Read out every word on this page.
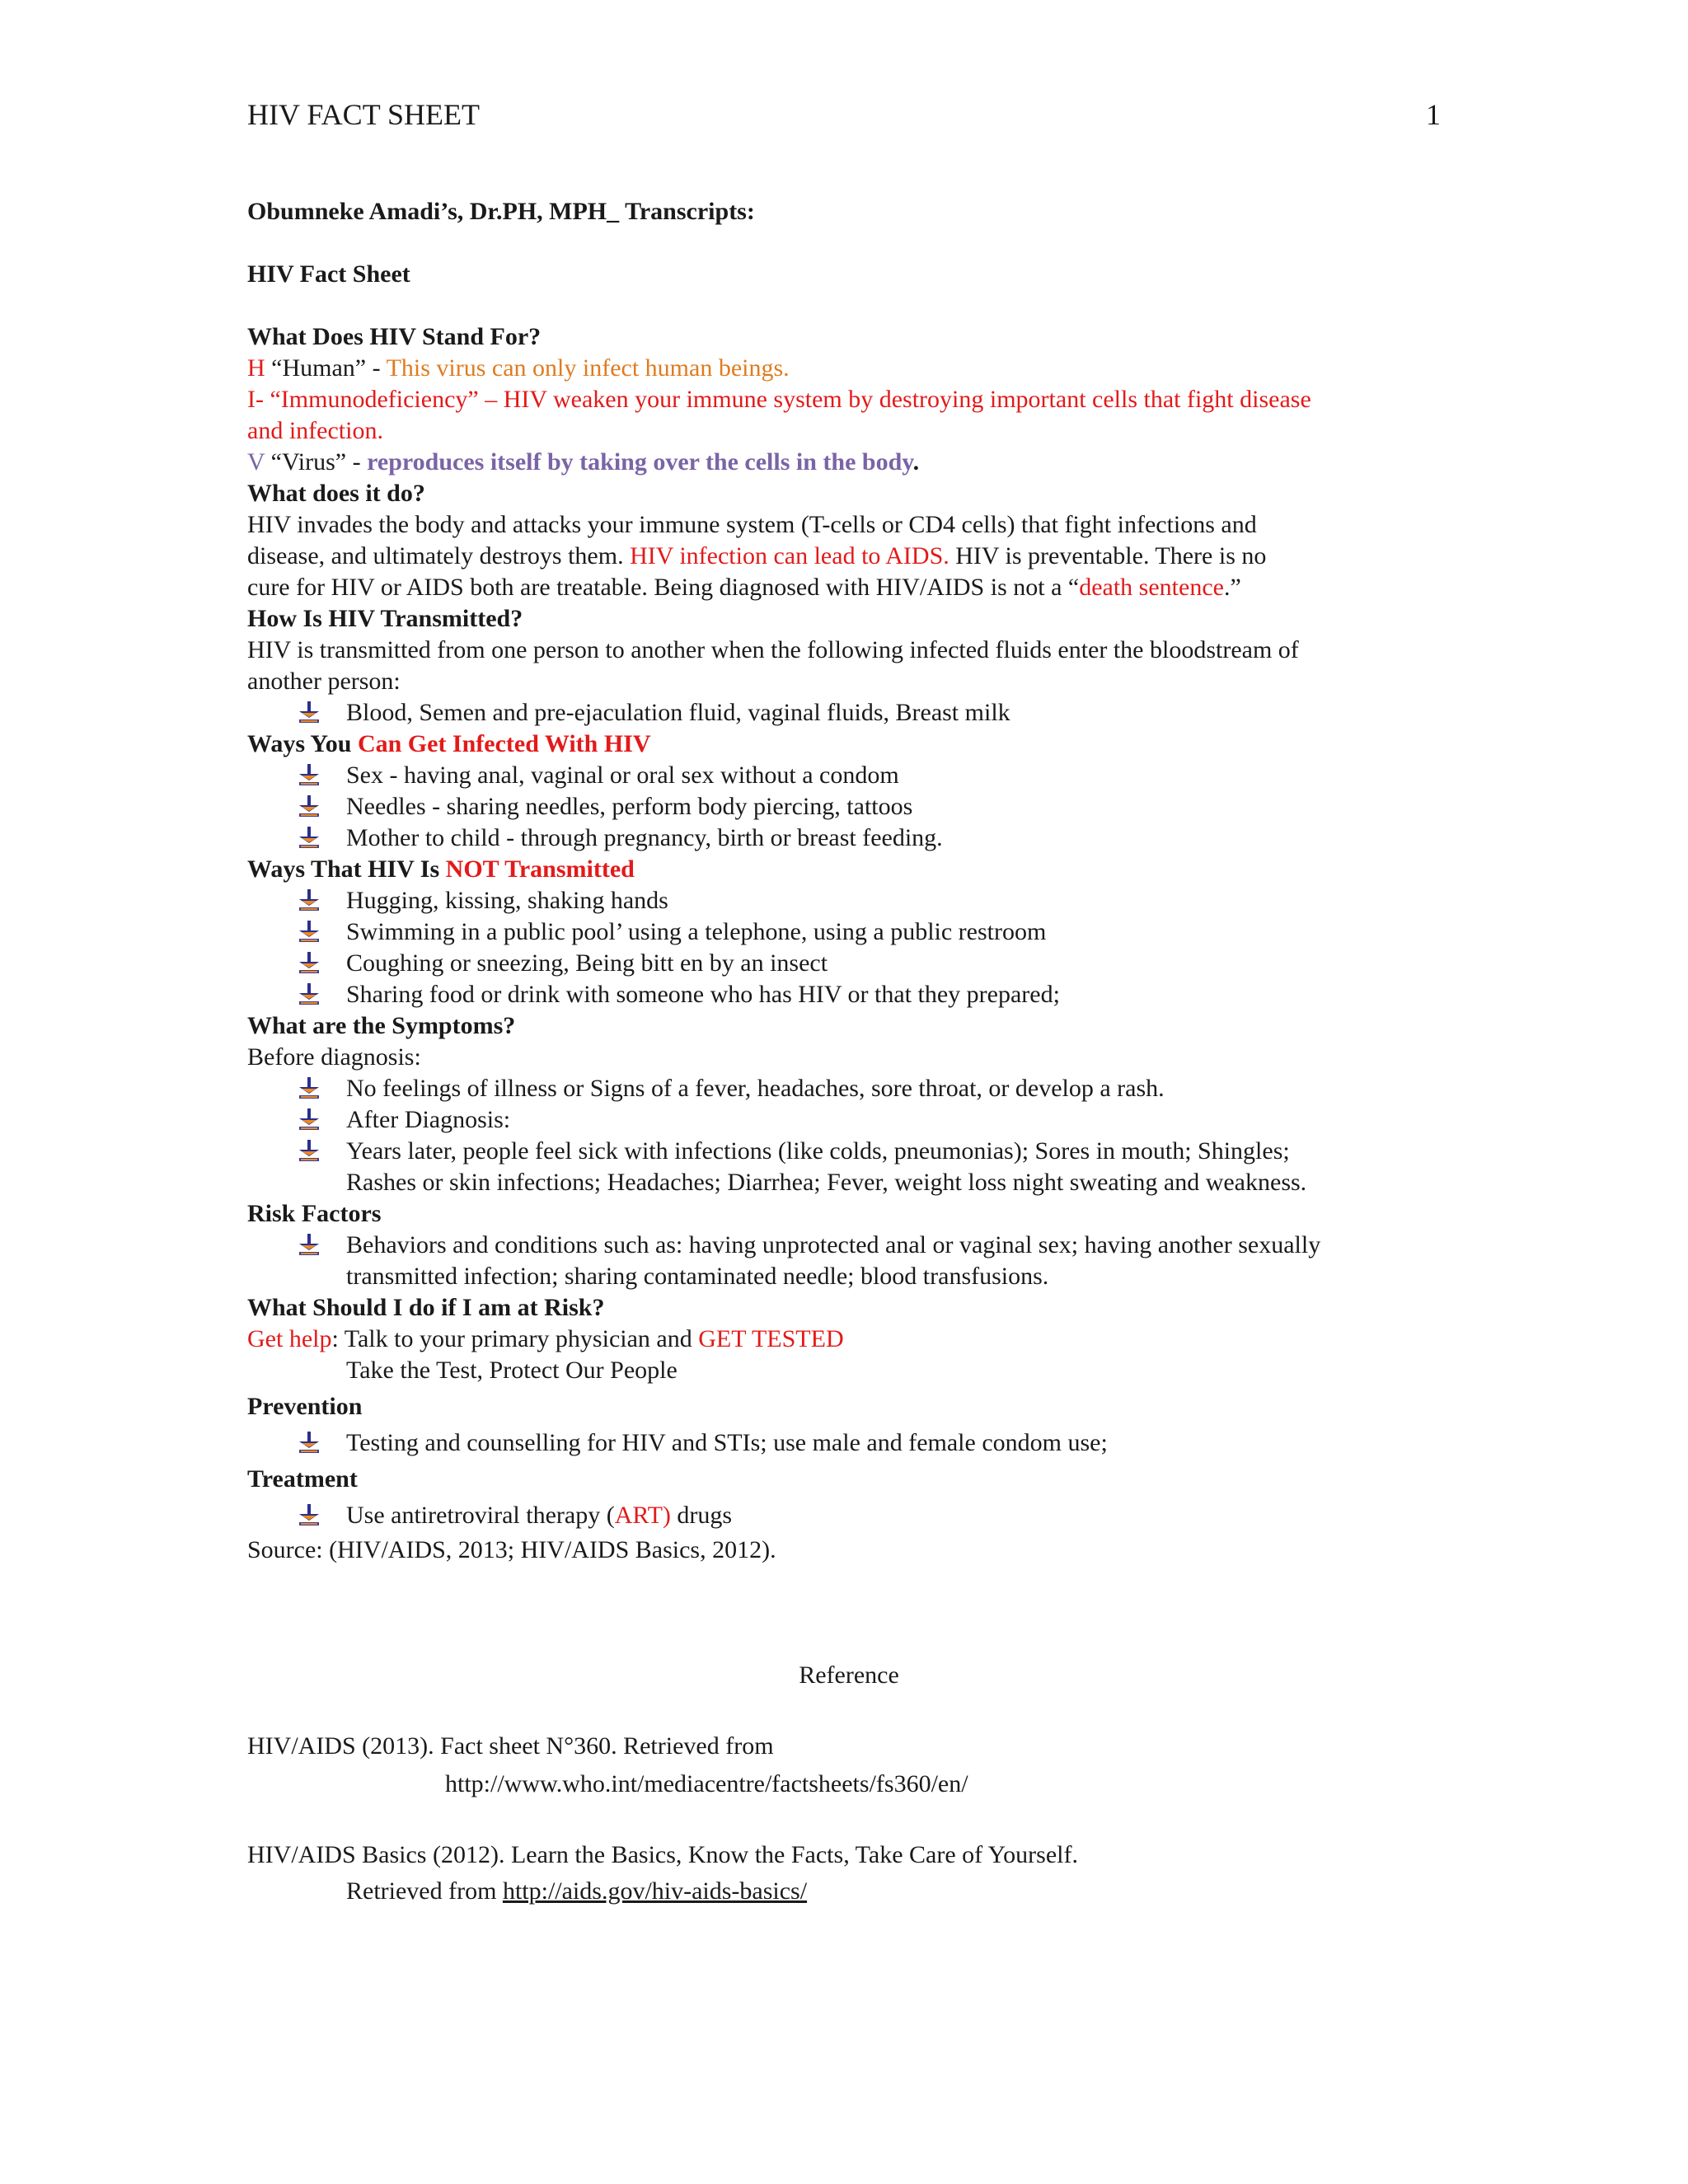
HIV FACT SHEET	1
Obumneke Amadi’s, Dr.PH, MPH_ Transcripts:
HIV Fact Sheet
What Does HIV Stand For?
H “Human” - This virus can only infect human beings.
I- “Immunodeficiency” – HIV weaken your immune system by destroying important cells that fight disease
and infection.
V “Virus” - reproduces itself by taking over the cells in the body.
What does it do?
HIV invades the body and attacks your immune system (T-cells or CD4 cells) that fight infections and
disease, and ultimately destroys them. HIV infection can lead to AIDS. HIV is preventable. There is no
cure for HIV or AIDS both are treatable. Being diagnosed with HIV/AIDS is not a “death sentence.”
How Is HIV Transmitted?
HIV is transmitted from one person to another when the following infected fluids enter the bloodstream of
another person:
Blood, Semen and pre-ejaculation fluid, vaginal fluids, Breast milk
Ways You Can Get Infected With HIV
Sex - having anal, vaginal or oral sex without a condom
Needles - sharing needles, perform body piercing, tattoos
Mother to child - through pregnancy, birth or breast feeding.
Ways That HIV Is NOT Transmitted
Hugging, kissing, shaking hands
Swimming in a public pool’ using a telephone, using a public restroom
Coughing or sneezing, Being bitt en by an insect
Sharing food or drink with someone who has HIV or that they prepared;
What are the Symptoms?
Before diagnosis:
No feelings of illness or Signs of a fever, headaches, sore throat, or develop a rash.
After Diagnosis:
Years later, people feel sick with infections (like colds, pneumonias); Sores in mouth; Shingles;
Rashes or skin infections; Headaches; Diarrhea; Fever, weight loss night sweating and weakness.
Risk Factors
Behaviors and conditions such as: having unprotected anal or vaginal sex; having another sexually
transmitted infection; sharing contaminated needle; blood transfusions.
What Should I do if I am at Risk?
Get help: Talk to your primary physician and GET TESTED
Take the Test, Protect Our People
Prevention
Testing and counselling for HIV and STIs; use male and female condom use;
Treatment
Use antiretroviral therapy (ART) drugs
Source: (HIV/AIDS, 2013; HIV/AIDS Basics, 2012).
Reference
HIV/AIDS (2013). Fact sheet N°360. Retrieved from
http://www.who.int/mediacentre/factsheets/fs360/en/
HIV/AIDS Basics (2012). Learn the Basics, Know the Facts, Take Care of Yourself.
Retrieved from http://aids.gov/hiv-aids-basics/
